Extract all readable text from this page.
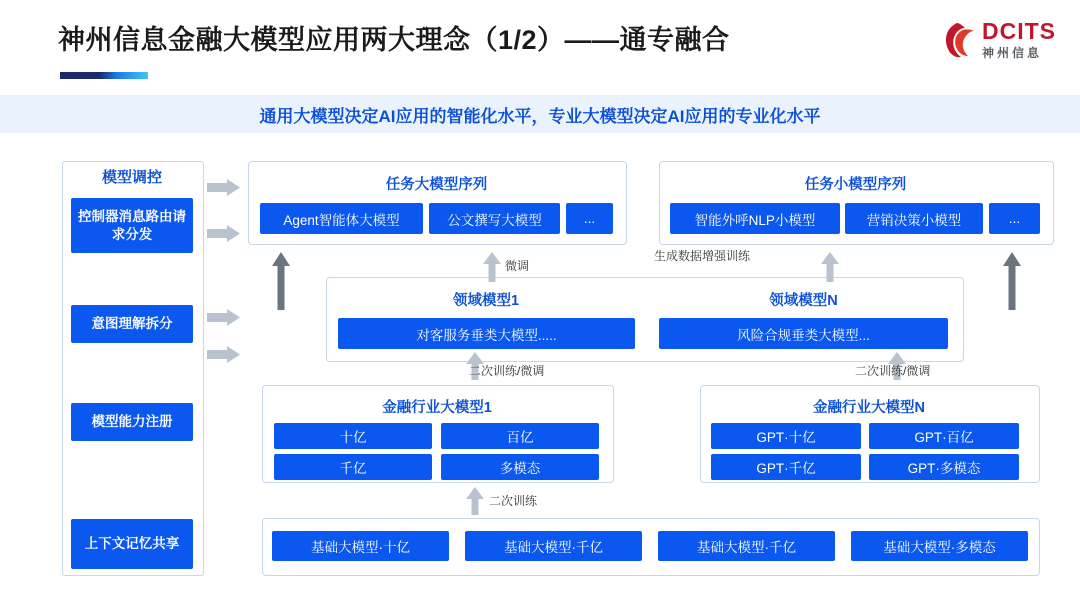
神州信息金融大模型应用两大理念（1/2）——通专融合	DCITS
神州信息
通用大模型决定AI应用的智能化水平，专业大模型决定AI应用的专业化水平
模型调控
控制器消息路由请求分发
意图理解拆分
模型能力注册
上下文记忆共享
任务大模型序列	任务小模型序列
Agent智能体大模型	公文撰写大模型	...	智能外呼NLP小模型	营销决策小模型	...
领域模型1	领域模型N
对客服务垂类大模型.....	风险合规垂类大模型...
金融行业大模型1	金融行业大模型N
十亿	百亿
千亿	多模态
GPT·十亿	GPT·百亿
GPT·千亿	GPT·多模态
基础大模型·十亿	基础大模型·千亿	基础大模型·千亿	基础大模型·多模态
微调
生成数据增强训练
二次训练/微调	二次训练/微调
二次训练
